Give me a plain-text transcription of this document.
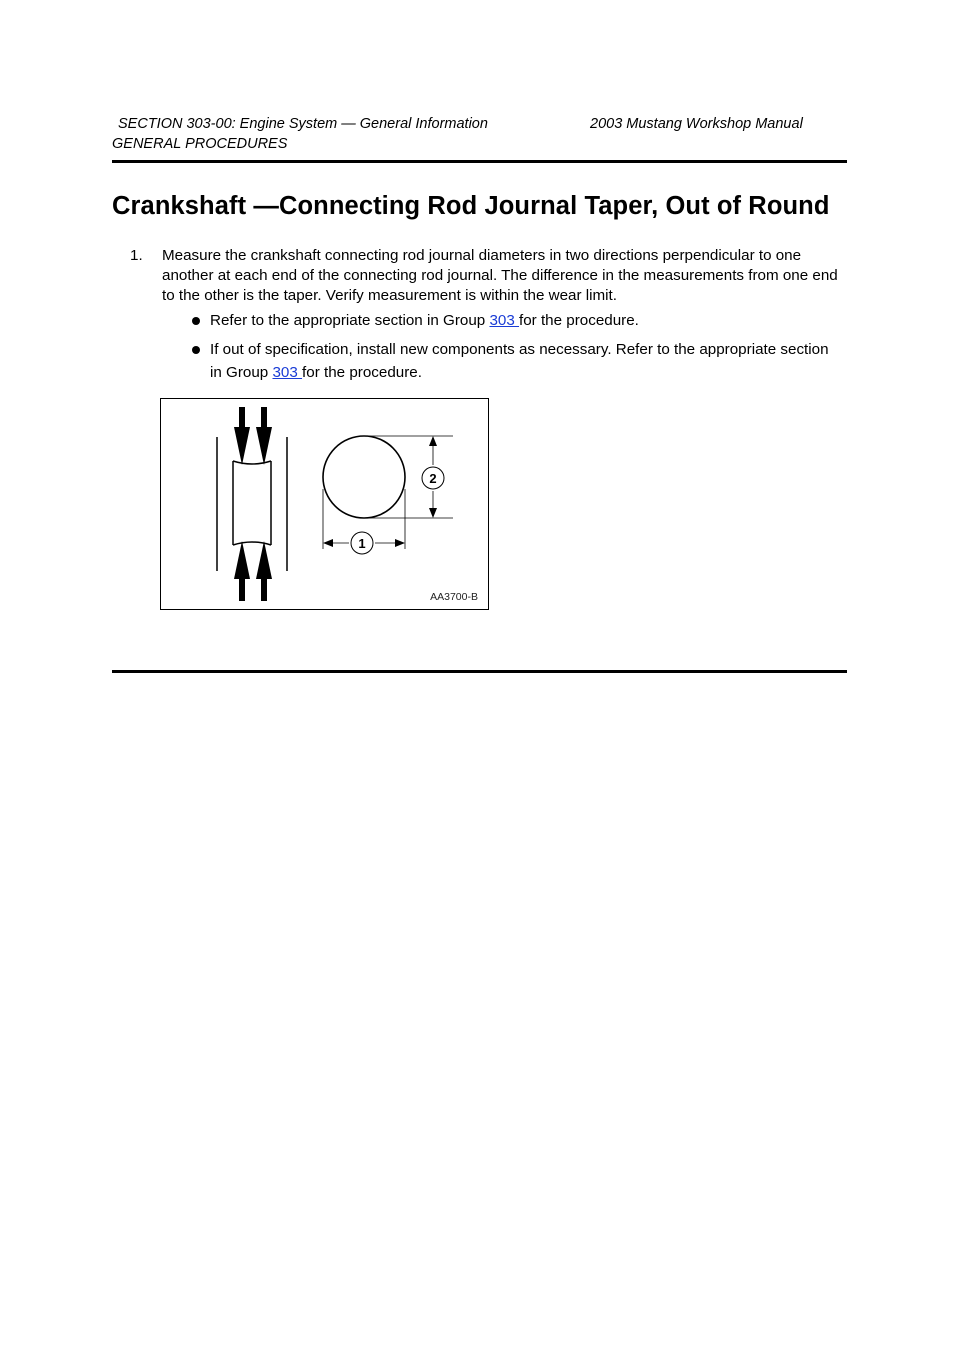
SECTION 303-00: Engine System — General Information	2003 Mustang Workshop Manual
GENERAL PROCEDURES
Crankshaft —Connecting Rod Journal Taper, Out of Round
1. Measure the crankshaft connecting rod journal diameters in two directions perpendicular to one another at each end of the connecting rod journal. The difference in the measurements from one end to the other is the taper. Verify measurement is within the wear limit.
Refer to the appropriate section in Group 303 for the procedure.
If out of specification, install new components as necessary. Refer to the appropriate section in Group 303 for the procedure.
2
1
AA3700-B
